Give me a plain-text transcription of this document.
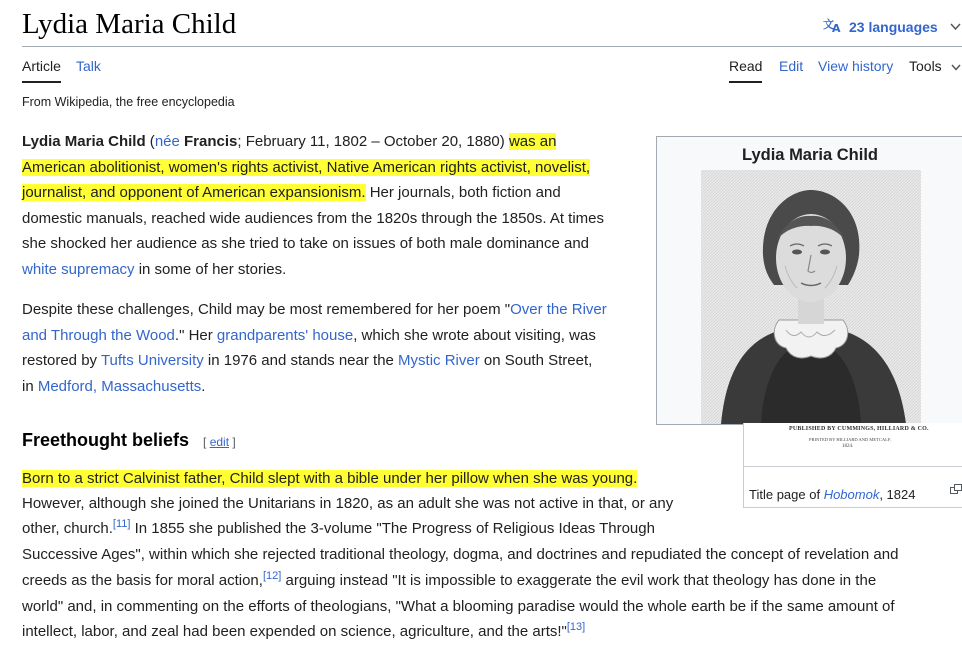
Lydia Maria Child	文
A 23 languages
Article Talk	Read Edit View history Tools
From Wikipedia, the free encyclopedia
Lydia Maria Child (née Francis; February 11, 1802 – October 20, 1880) was an
American abolitionist, women's rights activist, Native American rights activist, novelist,
journalist, and opponent of American expansionism. Her journals, both fiction and
domestic manuals, reached wide audiences from the 1820s through the 1850s. At times
she shocked her audience as she tried to take on issues of both male dominance and
white supremacy in some of her stories.
Despite these challenges, Child may be most remembered for her poem "Over the River
and Through the Wood." Her grandparents' house, which she wrote about visiting, was
restored by Tufts University in 1976 and stands near the Mystic River on South Street,
in Medford, Massachusetts.
Lydia Maria Child
PUBLISHED BY CUMMINGS, HILLIARD & CO.
PRINTED BY HILLIARD AND METCALF.
1824.
Title page of Hobomok, 1824
Freethought beliefs [ edit ]
Born to a strict Calvinist father, Child slept with a bible under her pillow when she was young.
However, although she joined the Unitarians in 1820, as an adult she was not active in that, or any
other, church.[11] In 1855 she published the 3-volume "The Progress of Religious Ideas Through
Successive Ages", within which she rejected traditional theology, dogma, and doctrines and repudiated the concept of revelation and
creeds as the basis for moral action,[12] arguing instead "It is impossible to exaggerate the evil work that theology has done in the
world" and, in commenting on the efforts of theologians, "What a blooming paradise would the whole earth be if the same amount of
intellect, labor, and zeal had been expended on science, agriculture, and the arts!"[13]
